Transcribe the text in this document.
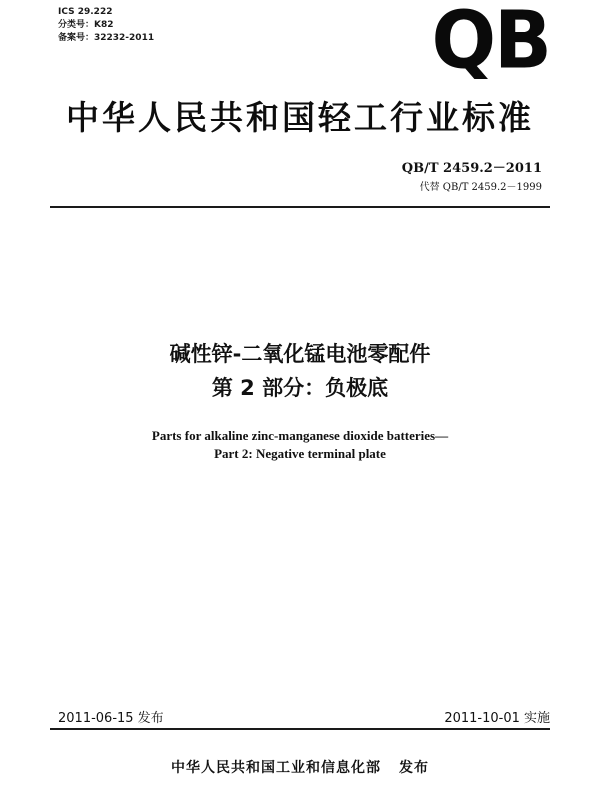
ICS 29.222
分类号：K82
备案号：32232-2011	QB
中华人民共和国轻工行业标准
QB/T 2459.2－2011
代替 QB/T 2459.2－1999
碱性锌-二氧化锰电池零配件
第 2 部分：负极底
Parts for alkaline zinc-manganese dioxide batteries—
Part 2: Negative terminal plate
2011-06-15 发布	2011-10-01 实施
中华人民共和国工业和信息化部 发布
